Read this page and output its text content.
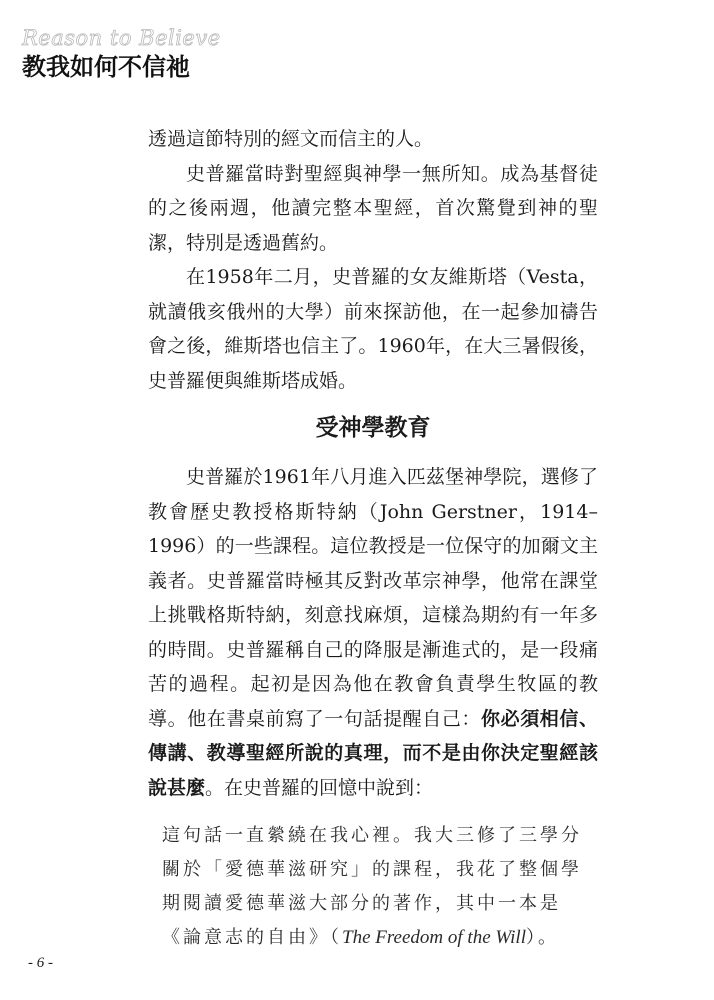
Reason to Believe
教我如何不信祂

透過這節特別的經文而信主的人。

史普羅當時對聖經與神學一無所知。成為基督徒的之後兩週，他讀完整本聖經，首次驚覺到神的聖潔，特別是透過舊約。

在1958年二月，史普羅的女友維斯塔（Vesta，就讀俄亥俄州的大學）前來探訪他，在一起參加禱告會之後，維斯塔也信主了。1960年，在大三暑假後，史普羅便與維斯塔成婚。

受神學教育

史普羅於1961年八月進入匹茲堡神學院，選修了教會歷史教授格斯特納（John Gerstner，1914–1996）的一些課程。這位教授是一位保守的加爾文主義者。史普羅當時極其反對改革宗神學，他常在課堂上挑戰格斯特納，刻意找麻煩，這樣為期約有一年多的時間。史普羅稱自己的降服是漸進式的，是一段痛苦的過程。起初是因為他在教會負責學生牧區的教導。他在書桌前寫了一句話提醒自己：你必須相信、傳講、教導聖經所說的真理，而不是由你決定聖經該說甚麼。在史普羅的回憶中說到：

這句話一直縈繞在我心裡。我大三修了三學分關於「愛德華滋研究」的課程，我花了整個學期閱讀愛德華滋大部分的著作，其中一本是《論意志的自由》（The Freedom of the Will）。

- 6 -
